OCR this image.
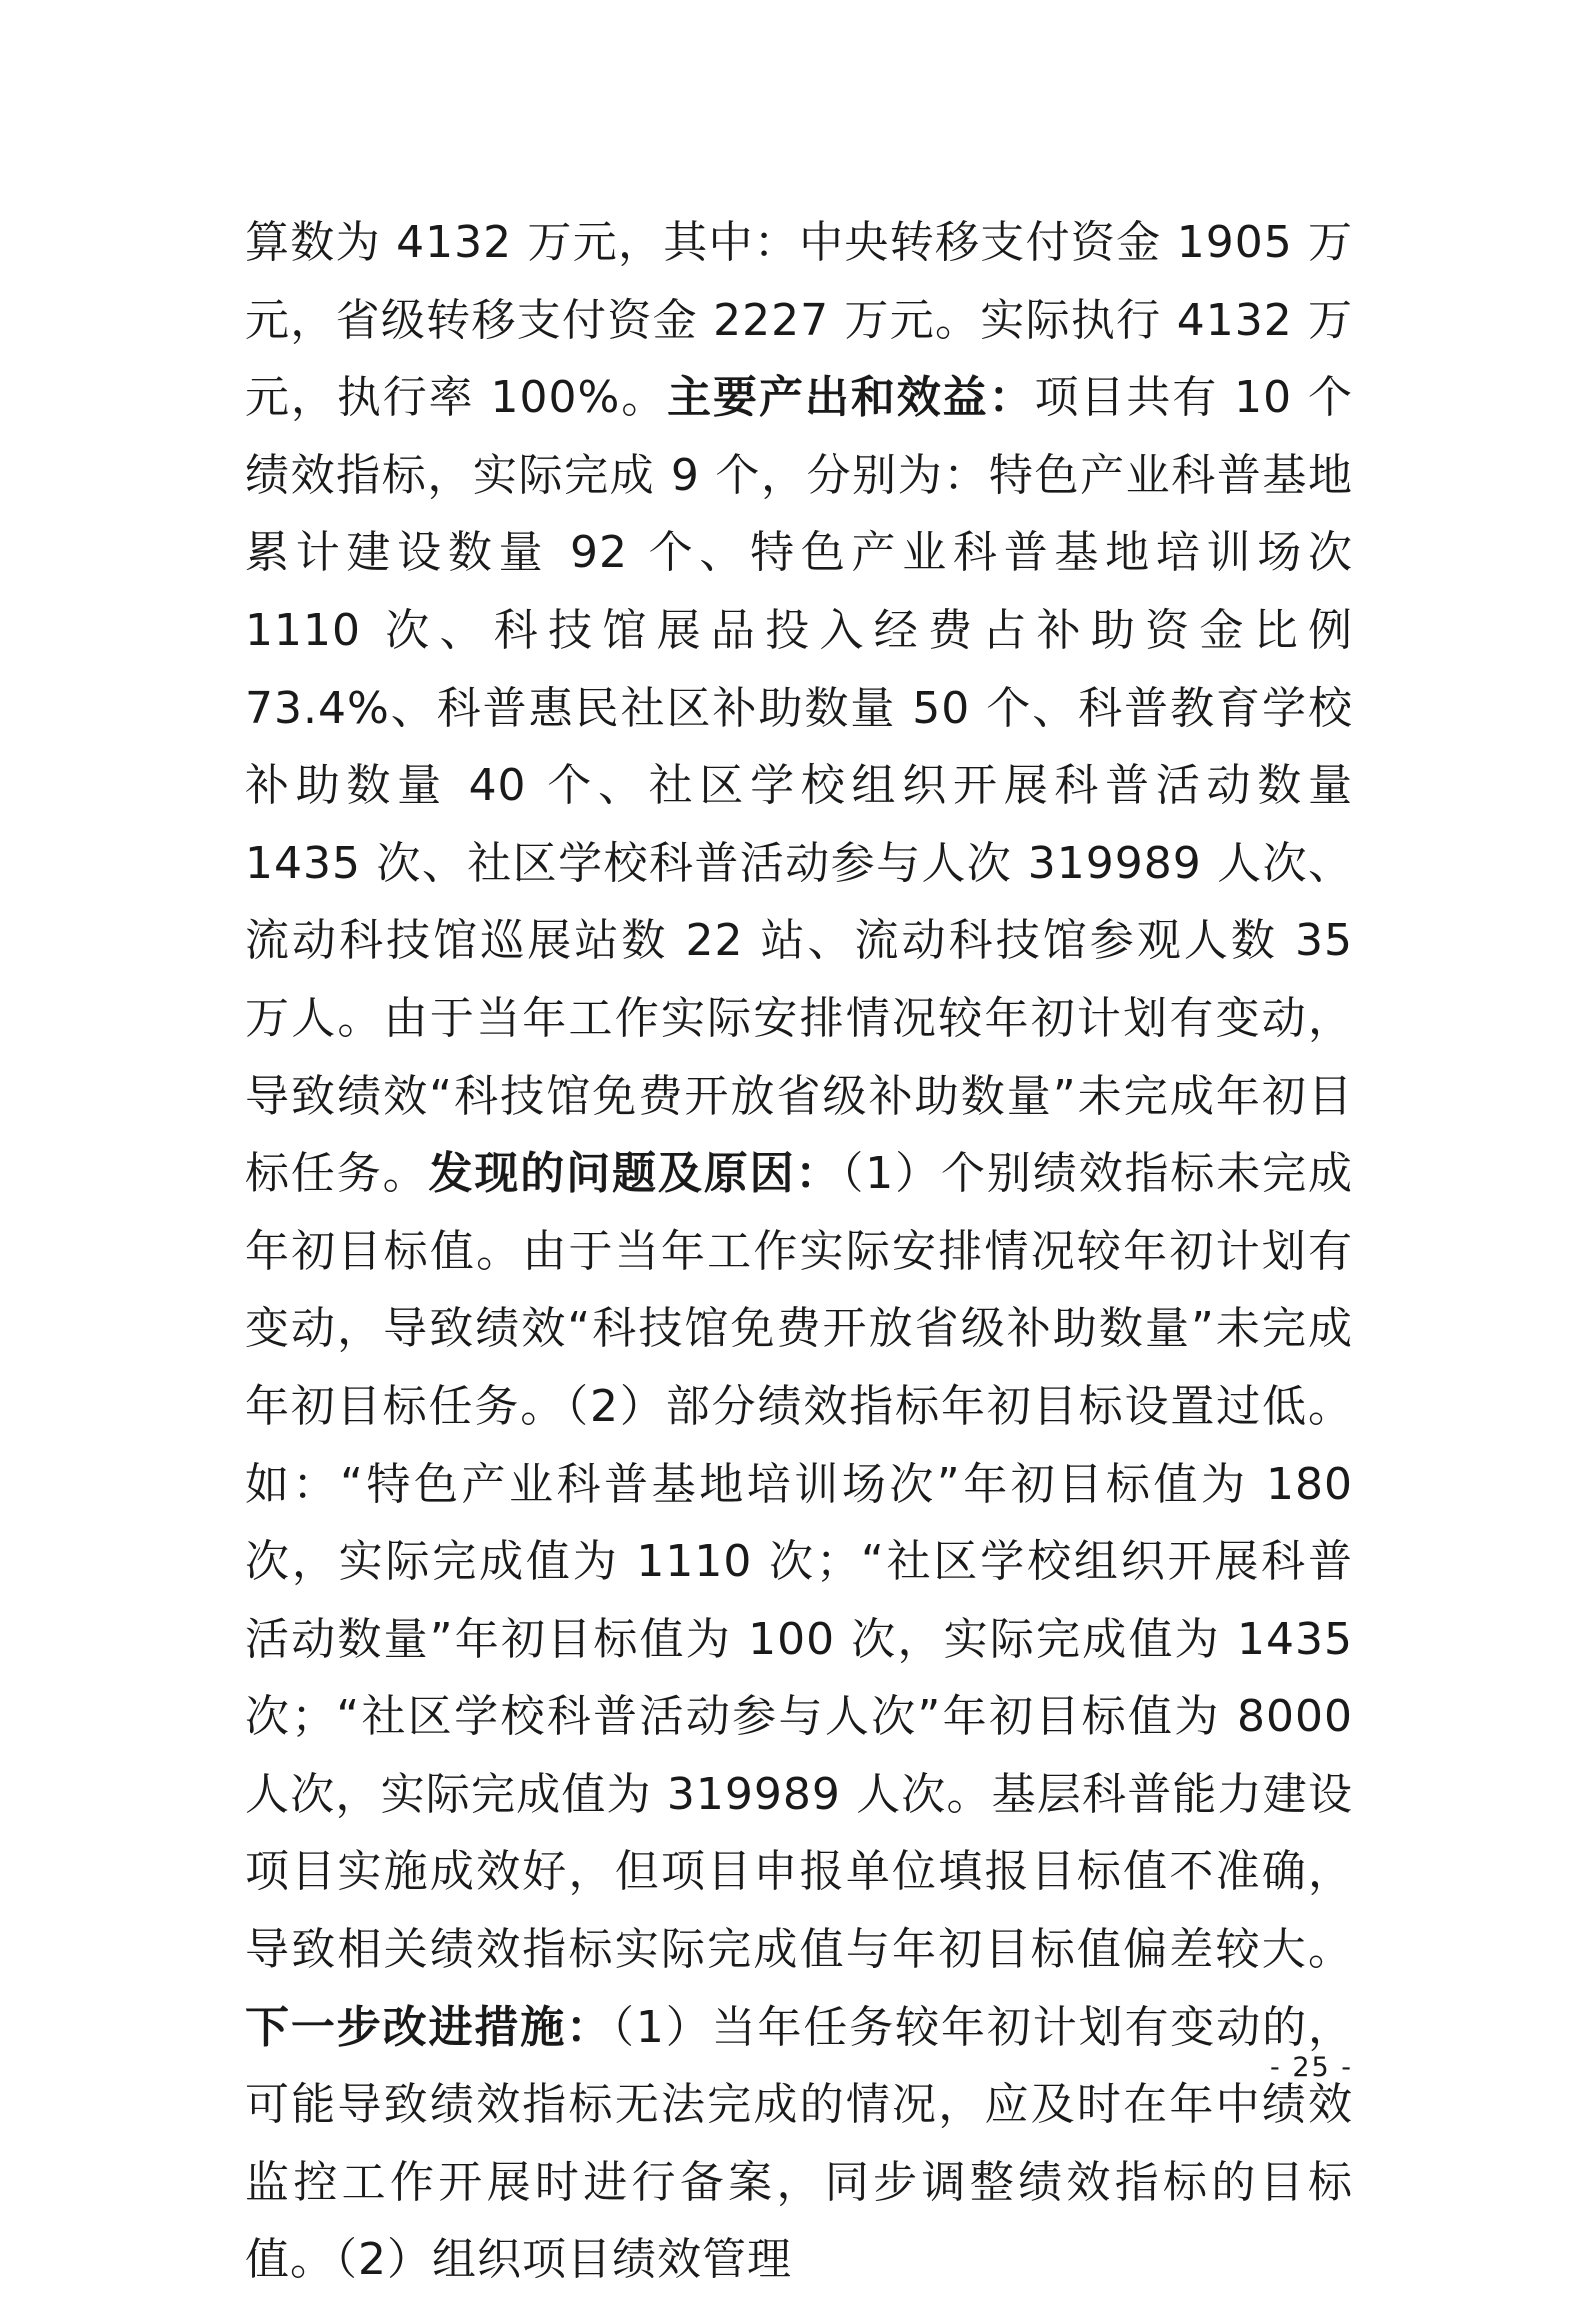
算数为 4132 万元，其中：中央转移支付资金 1905 万元，省级转移支付资金 2227 万元。实际执行 4132 万元，执行率 100%。主要产出和效益：项目共有 10 个绩效指标，实际完成 9 个，分别为：特色产业科普基地累计建设数量 92 个、特色产业科普基地培训场次 1110 次、科技馆展品投入经费占补助资金比例 73.4%、科普惠民社区补助数量 50 个、科普教育学校补助数量 40 个、社区学校组织开展科普活动数量 1435 次、社区学校科普活动参与人次 319989 人次、流动科技馆巡展站数 22 站、流动科技馆参观人数 35 万人。由于当年工作实际安排情况较年初计划有变动，导致绩效“科技馆免费开放省级补助数量”未完成年初目标任务。发现的问题及原因：（1）个别绩效指标未完成年初目标值。由于当年工作实际安排情况较年初计划有变动，导致绩效“科技馆免费开放省级补助数量”未完成年初目标任务。（2）部分绩效指标年初目标设置过低。如：“特色产业科普基地培训场次”年初目标值为 180 次，实际完成值为 1110 次；“社区学校组织开展科普活动数量”年初目标值为 100 次，实际完成值为 1435 次；“社区学校科普活动参与人次”年初目标值为 8000 人次，实际完成值为 319989 人次。基层科普能力建设项目实施成效好，但项目申报单位填报目标值不准确，导致相关绩效指标实际完成值与年初目标值偏差较大。下一步改进措施：（1）当年任务较年初计划有变动的，可能导致绩效指标无法完成的情况，应及时在年中绩效监控工作开展时进行备案，同步调整绩效指标的目标值。（2）组织项目绩效管理

- 25 -
